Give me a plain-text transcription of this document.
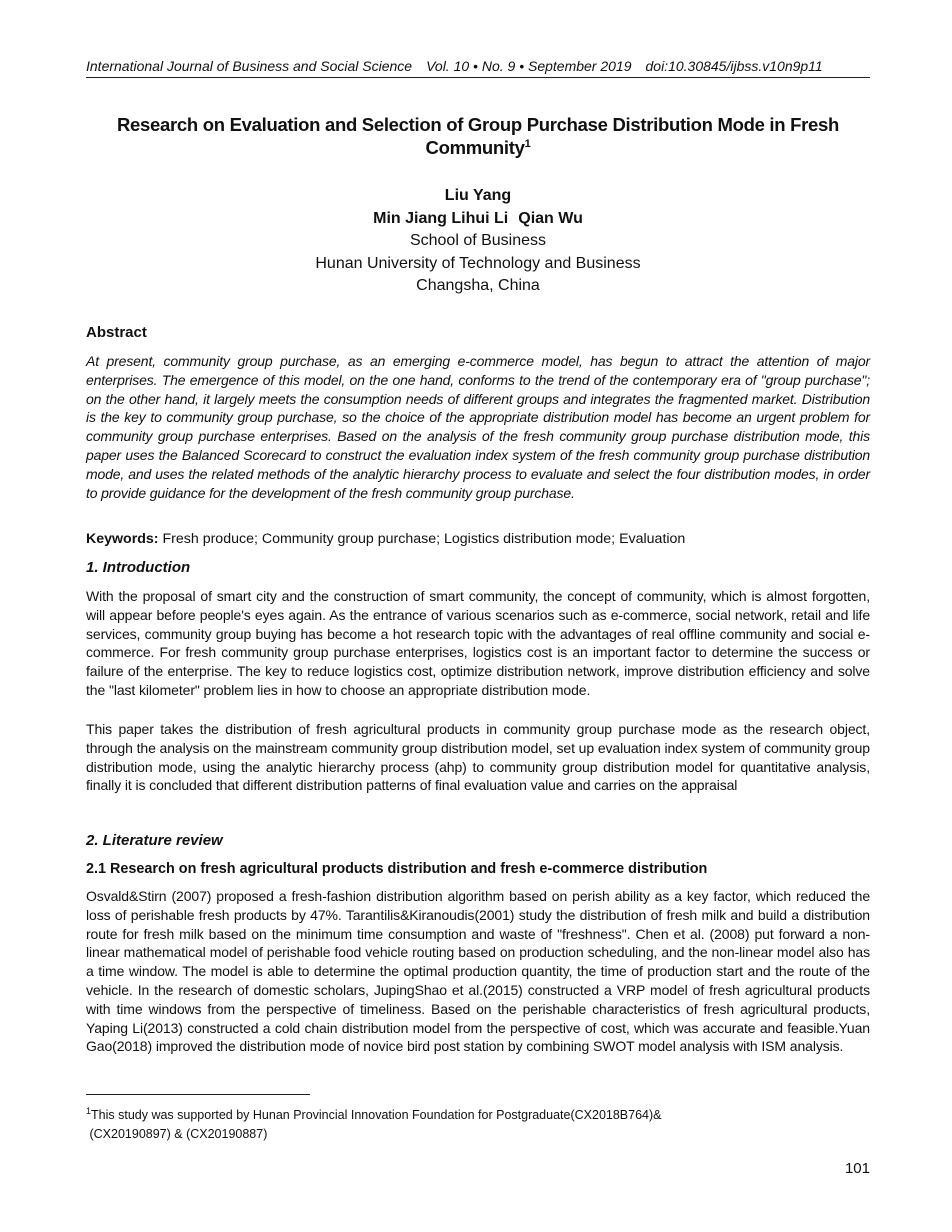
International Journal of Business and Social Science Vol. 10 • No. 9 • September 2019 doi:10.30845/ijbss.v10n9p11
Research on Evaluation and Selection of Group Purchase Distribution Mode in Fresh Community$^1$
Liu Yang
Min Jiang Lihui Li Qian Wu
School of Business
Hunan University of Technology and Business
Changsha, China
Abstract
At present, community group purchase, as an emerging e-commerce model, has begun to attract the attention of major enterprises. The emergence of this model, on the one hand, conforms to the trend of the contemporary era of "group purchase"; on the other hand, it largely meets the consumption needs of different groups and integrates the fragmented market. Distribution is the key to community group purchase, so the choice of the appropriate distribution model has become an urgent problem for community group purchase enterprises. Based on the analysis of the fresh community group purchase distribution mode, this paper uses the Balanced Scorecard to construct the evaluation index system of the fresh community group purchase distribution mode, and uses the related methods of the analytic hierarchy process to evaluate and select the four distribution modes, in order to provide guidance for the development of the fresh community group purchase.
Keywords: Fresh produce; Community group purchase; Logistics distribution mode; Evaluation
1. Introduction
With the proposal of smart city and the construction of smart community, the concept of community, which is almost forgotten, will appear before people's eyes again. As the entrance of various scenarios such as e-commerce, social network, retail and life services, community group buying has become a hot research topic with the advantages of real offline community and social e-commerce. For fresh community group purchase enterprises, logistics cost is an important factor to determine the success or failure of the enterprise. The key to reduce logistics cost, optimize distribution network, improve distribution efficiency and solve the "last kilometer" problem lies in how to choose an appropriate distribution mode.
This paper takes the distribution of fresh agricultural products in community group purchase mode as the research object, through the analysis on the mainstream community group distribution model, set up evaluation index system of community group distribution mode, using the analytic hierarchy process (ahp) to community group distribution model for quantitative analysis, finally it is concluded that different distribution patterns of final evaluation value and carries on the appraisal
2. Literature review
2.1 Research on fresh agricultural products distribution and fresh e-commerce distribution
Osvald&Stirn (2007) proposed a fresh-fashion distribution algorithm based on perish ability as a key factor, which reduced the loss of perishable fresh products by 47%. Tarantilis&Kiranoudis(2001) study the distribution of fresh milk and build a distribution route for fresh milk based on the minimum time consumption and waste of "freshness". Chen et al. (2008) put forward a non-linear mathematical model of perishable food vehicle routing based on production scheduling, and the non-linear model also has a time window. The model is able to determine the optimal production quantity, the time of production start and the route of the vehicle. In the research of domestic scholars, JupingShao et al.(2015) constructed a VRP model of fresh agricultural products with time windows from the perspective of timeliness. Based on the perishable characteristics of fresh agricultural products, Yaping Li(2013) constructed a cold chain distribution model from the perspective of cost, which was accurate and feasible.Yuan Gao(2018) improved the distribution mode of novice bird post station by combining SWOT model analysis with ISM analysis.
$^1$This study was supported by Hunan Provincial Innovation Foundation for Postgraduate(CX2018B764)&
(CX20190897) & (CX20190887)
101
